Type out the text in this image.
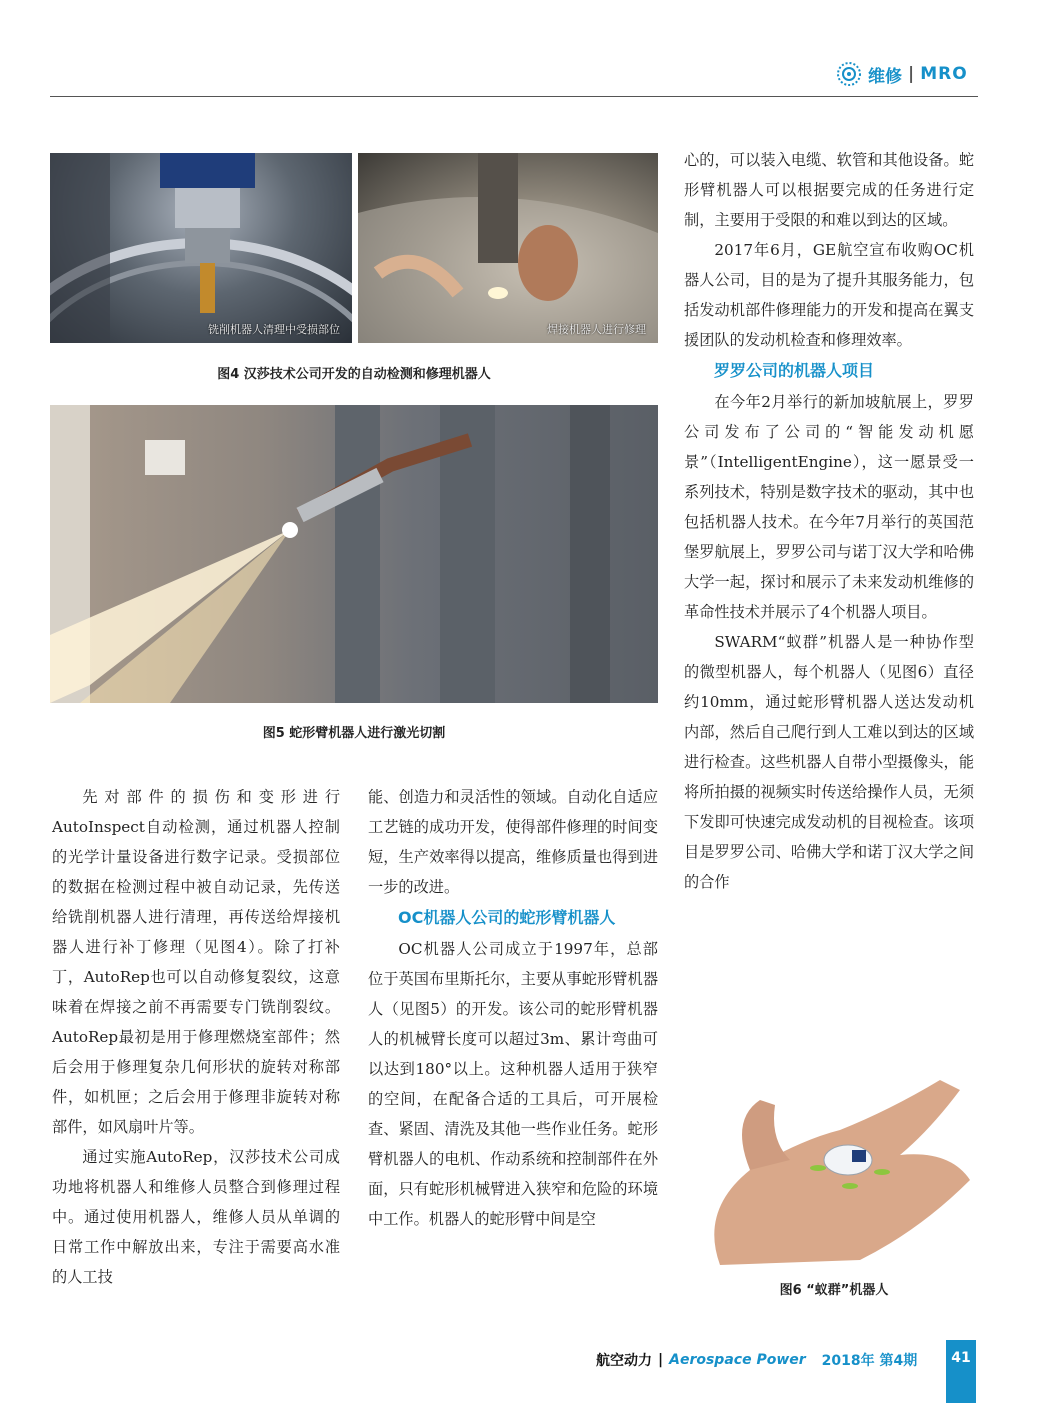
维修 | MRO
铣削机器人清理中受损部位	焊接机器人进行修理
图4 汉莎技术公司开发的自动检测和修理机器人
图5 蛇形臂机器人进行激光切割

先对部件的损伤和变形进行AutoInspect自动检测，通过机器人控制的光学计量设备进行数字记录。受损部位的数据在检测过程中被自动记录，先传送给铣削机器人进行清理，再传送给焊接机器人进行补丁修理（见图4）。除了打补丁，AutoRep也可以自动修复裂纹，这意味着在焊接之前不再需要专门铣削裂纹。AutoRep最初是用于修理燃烧室部件；然后会用于修理复杂几何形状的旋转对称部件，如机匣；之后会用于修理非旋转对称部件，如风扇叶片等。

通过实施AutoRep，汉莎技术公司成功地将机器人和维修人员整合到修理过程中。通过使用机器人，维修人员从单调的日常工作中解放出来，专注于需要高水准的人工技

能、创造力和灵活性的领域。自动化自适应工艺链的成功开发，使得部件修理的时间变短，生产效率得以提高，维修质量也得到进一步的改进。

OC机器人公司的蛇形臂机器人

OC机器人公司成立于1997年，总部位于英国布里斯托尔，主要从事蛇形臂机器人（见图5）的开发。该公司的蛇形臂机器人的机械臂长度可以超过3m、累计弯曲可以达到180°以上。这种机器人适用于狭窄的空间，在配备合适的工具后，可开展检查、紧固、清洗及其他一些作业任务。蛇形臂机器人的电机、作动系统和控制部件在外面，只有蛇形机械臂进入狭窄和危险的环境中工作。机器人的蛇形臂中间是空

心的，可以装入电缆、软管和其他设备。蛇形臂机器人可以根据要完成的任务进行定制，主要用于受限的和难以到达的区域。

2017年6月，GE航空宣布收购OC机器人公司，目的是为了提升其服务能力，包括发动机部件修理能力的开发和提高在翼支援团队的发动机检查和修理效率。

罗罗公司的机器人项目

在今年2月举行的新加坡航展上，罗罗公司发布了公司的“智能发动机愿景”（IntelligentEngine），这一愿景受一系列技术，特别是数字技术的驱动，其中也包括机器人技术。在今年7月举行的英国范堡罗航展上，罗罗公司与诺丁汉大学和哈佛大学一起，探讨和展示了未来发动机维修的革命性技术并展示了4个机器人项目。

SWARM“蚁群”机器人是一种协作型的微型机器人，每个机器人（见图6）直径约10mm，通过蛇形臂机器人送达发动机内部，然后自己爬行到人工难以到达的区域进行检查。这些机器人自带小型摄像头，能将所拍摄的视频实时传送给操作人员，无须下发即可快速完成发动机的目视检查。该项目是罗罗公司、哈佛大学和诺丁汉大学之间的合作

图6 “蚁群”机器人
航空动力 | Aerospace Power 2018年 第4期	41
